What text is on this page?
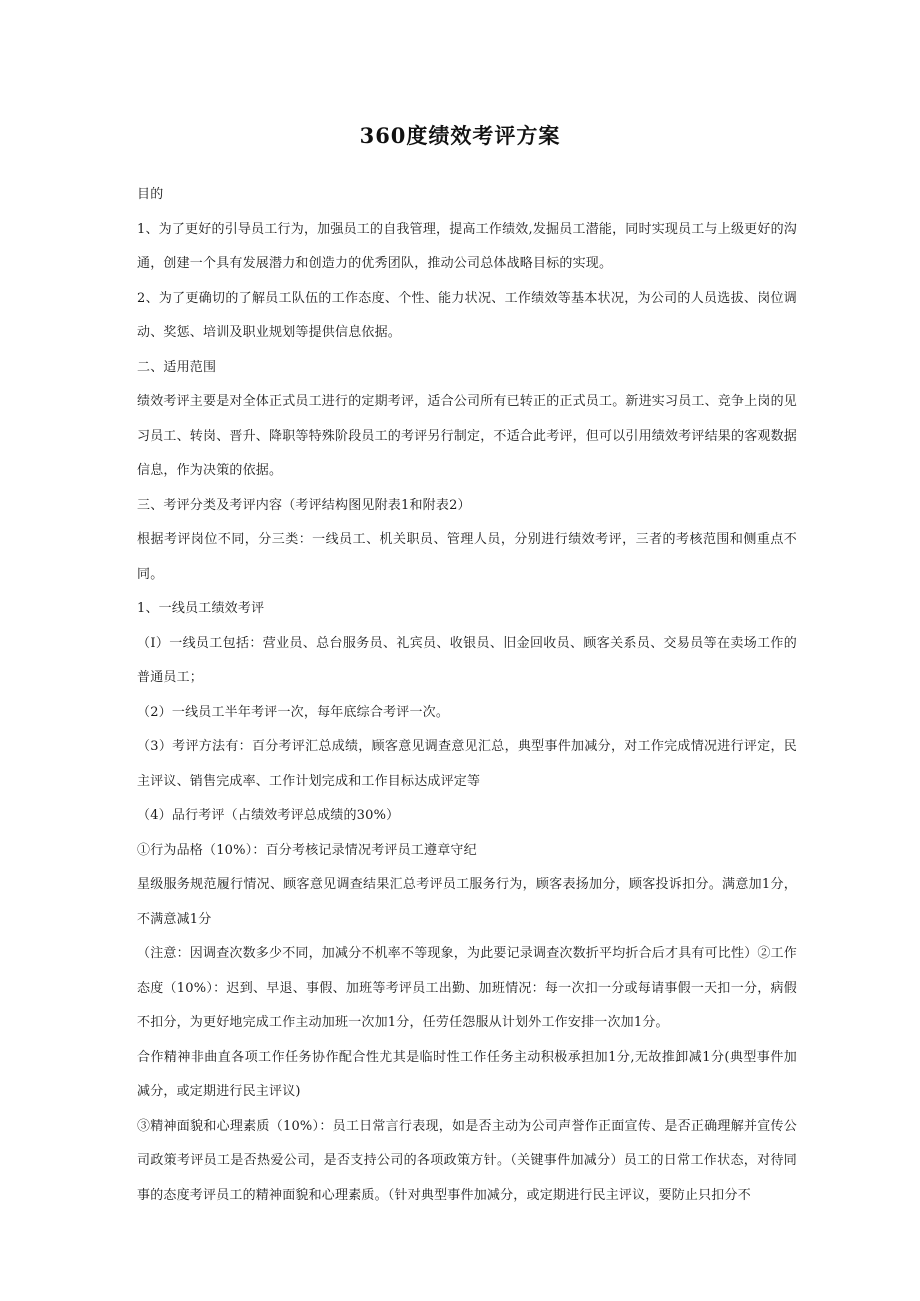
360度绩效考评方案

目的

1、为了更好的引导员工行为，加强员工的自我管理，提高工作绩效,发掘员工潜能，同时实现员工与上级更好的沟通，创建一个具有发展潜力和创造力的优秀团队，推动公司总体战略目标的实现。

2、为了更确切的了解员工队伍的工作态度、个性、能力状况、工作绩效等基本状况，为公司的人员选拔、岗位调动、奖惩、培训及职业规划等提供信息依据。

二、适用范围

绩效考评主要是对全体正式员工进行的定期考评，适合公司所有已转正的正式员工。新进实习员工、竞争上岗的见习员工、转岗、晋升、降职等特殊阶段员工的考评另行制定，不适合此考评，但可以引用绩效考评结果的客观数据信息，作为决策的依据。

三、考评分类及考评内容（考评结构图见附表1和附表2）

根据考评岗位不同，分三类：一线员工、机关职员、管理人员，分别进行绩效考评，三者的考核范围和侧重点不同。

1、一线员工绩效考评

（I）一线员工包括：营业员、总台服务员、礼宾员、收银员、旧金回收员、顾客关系员、交易员等在卖场工作的普通员工；

（2）一线员工半年考评一次，每年底综合考评一次。

（3）考评方法有：百分考评汇总成绩，顾客意见调查意见汇总，典型事件加减分，对工作完成情况进行评定，民主评议、销售完成率、工作计划完成和工作目标达成评定等

（4）品行考评（占绩效考评总成绩的30%）

①行为品格（10%）：百分考核记录情况考评员工遵章守纪

星级服务规范履行情况、顾客意见调查结果汇总考评员工服务行为，顾客表扬加分，顾客投诉扣分。满意加1分，不满意减1分

（注意：因调查次数多少不同，加减分不机率不等现象，为此要记录调查次数折平均折合后才具有可比性）②工作态度（10%）：迟到、早退、事假、加班等考评员工出勤、加班情况：每一次扣一分或每请事假一天扣一分，病假不扣分，为更好地完成工作主动加班一次加1分，任劳任怨服从计划外工作安排一次加1分。

合作精神非曲直各项工作任务协作配合性尤其是临时性工作任务主动积极承担加1分,无故推卸减1分(典型事件加减分，或定期进行民主评议)

③精神面貌和心理素质（10%）：员工日常言行表现，如是否主动为公司声誉作正面宣传、是否正确理解并宣传公司政策考评员工是否热爱公司，是否支持公司的各项政策方针。（关键事件加减分）员工的日常工作状态，对待同事的态度考评员工的精神面貌和心理素质。（针对典型事件加减分，或定期进行民主评议，要防止只扣分不
